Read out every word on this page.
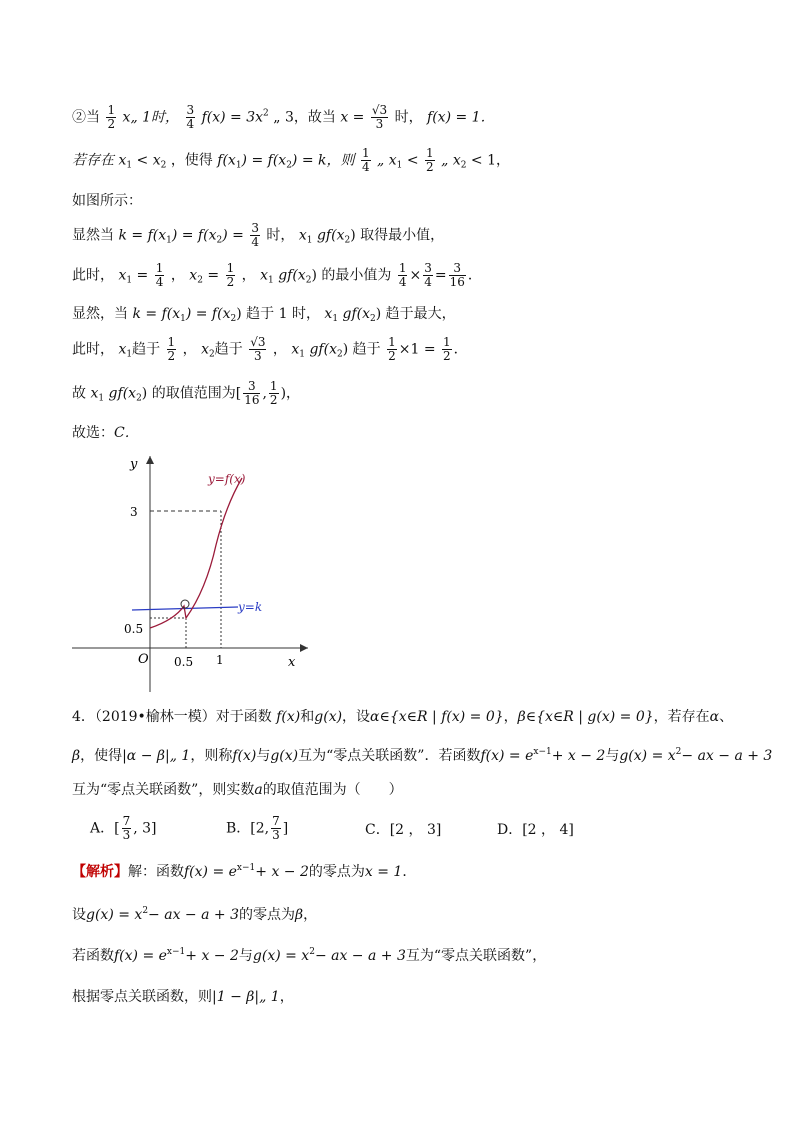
②当 $\frac{1}{2}$ x„ 1时， $\frac{3}{4} f(x) = 3x^2$ „ 3，故当 $x = \frac{√3}{3}$ 时， f(x) = 1．
若存在 $x_1 < x_2$ ，使得 $f(x_1) = f(x_2) = k$，则 $\frac{1}{4}$ „ $x_1 < \frac{1}{2}$ „ $x_2 < 1$，
如图所示：
显然当 $k = f(x_1) = f(x_2) = \frac{3}{4}$ 时， $x_1$ $gf(x_2)$ 取得最小值，
此时， $x_1 = \frac{1}{4}$ ， $x_2 = \frac{1}{2}$ ， $x_1$ $gf(x_2)$ 的最小值为 $\frac{1}{4} \times \frac{3}{4} = \frac{3}{16}$ ．
显然，当 $k = f(x_1) = f(x_2)$ 趋于 1 时， $x_1$ $gf(x_2)$ 趋于最大，
此时， $x_1$趋于 $\frac{1}{2}$ ， $x_2$趋于 $\frac{√3}{3}$ ， $x_1$ $gf(x_2)$ 趋于 $\frac{1}{2} \times 1 = \frac{1}{2}$ ．
故 $x_1$ $gf(x_2)$ 的取值范围为[ $\frac{3}{16}$ , $\frac{1}{2}$ )，
故选：C．
y
x
O
y=f(x)
y=k
3
0.5
0.5 1
4．（2019•榆林一模）对于函数 f(x)和g(x)，设α∈{x∈R | f(x) = 0}，β∈{x∈R | g(x) = 0}，若存在α、
β，使得|α − β|„ 1，则称f(x)与g(x)互为“零点关联函数”．若函数$f(x) = e^{x-1}+ x - 2$与$g(x) = x^2-$ ax − a + 3
互为“零点关联函数”，则实数a的取值范围为（　　）
A．[ $\frac{7}{3}$ , 3]	B．[2, $\frac{7}{3}$ ]	C．[2 ， 3]	D．[2 ， 4]
【解析】解：函数$f(x) = e^{x-1}+ x - 2$的零点为x = 1．
设$g(x) = x^2-$ ax − a + 3的零点为β，
若函数$f(x) = e^{x-1}+ x - 2$与$g(x) = x^2-$ ax − a + 3互为“零点关联函数”，
根据零点关联函数，则|1 − β|„ 1，
